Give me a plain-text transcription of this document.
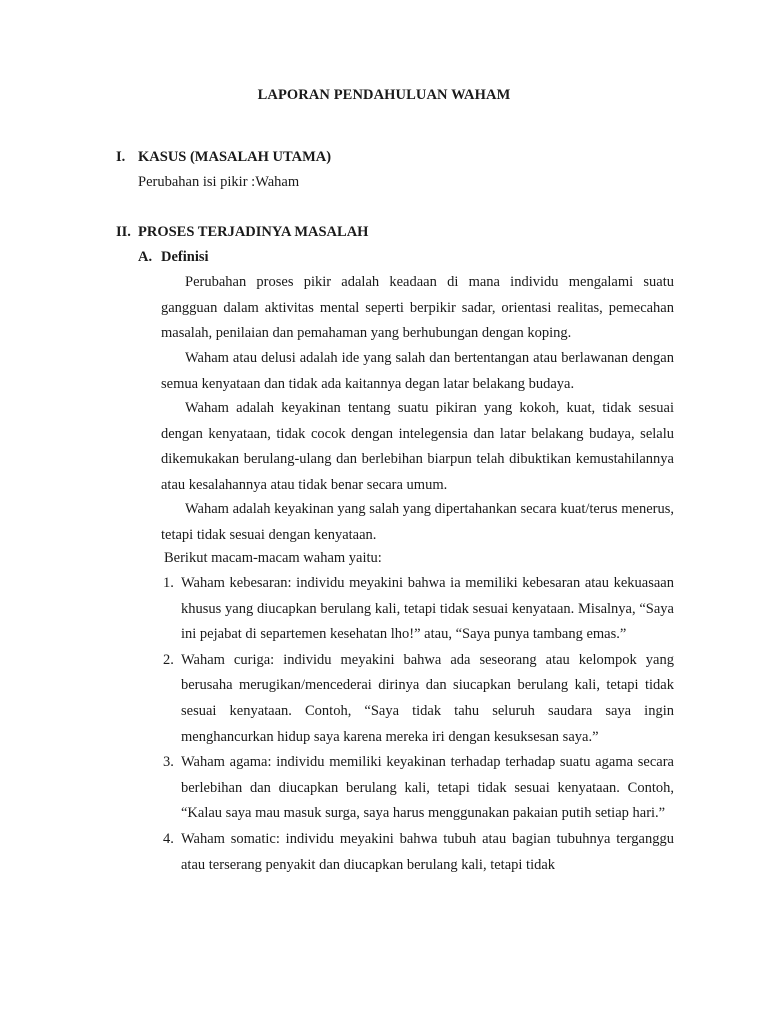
LAPORAN PENDAHULUAN WAHAM
I. KASUS (MASALAH UTAMA)
Perubahan isi pikir :Waham
II. PROSES TERJADINYA MASALAH
A. Definisi

Perubahan proses pikir adalah keadaan di mana individu mengalami suatu gangguan dalam aktivitas mental seperti berpikir sadar, orientasi realitas, pemecahan masalah, penilaian dan pemahaman yang berhubungan dengan koping.

Waham atau delusi adalah ide yang salah dan bertentangan atau berlawanan dengan semua kenyataan dan tidak ada kaitannya degan latar belakang budaya.

Waham adalah keyakinan tentang suatu pikiran yang kokoh, kuat, tidak sesuai dengan kenyataan, tidak cocok dengan intelegensia dan latar belakang budaya, selalu dikemukakan berulang-ulang dan berlebihan biarpun telah dibuktikan kemustahilannya atau kesalahannya atau tidak benar secara umum.

Waham adalah keyakinan yang salah yang dipertahankan secara kuat/terus menerus, tetapi tidak sesuai dengan kenyataan.

Berikut macam-macam waham yaitu:
1. Waham kebesaran: individu meyakini bahwa ia memiliki kebesaran atau kekuasaan khusus yang diucapkan berulang kali, tetapi tidak sesuai kenyataan. Misalnya, “Saya ini pejabat di separtemen kesehatan lho!” atau, “Saya punya tambang emas.”
2. Waham curiga: individu meyakini bahwa ada seseorang atau kelompok yang berusaha merugikan/mencederai dirinya dan siucapkan berulang kali, tetapi tidak sesuai kenyataan. Contoh, “Saya tidak tahu seluruh saudara saya ingin menghancurkan hidup saya karena mereka iri dengan kesuksesan saya.”
3. Waham agama: individu memiliki keyakinan terhadap terhadap suatu agama secara berlebihan dan diucapkan berulang kali, tetapi tidak sesuai kenyataan. Contoh, “Kalau saya mau masuk surga, saya harus menggunakan pakaian putih setiap hari.”
4. Waham somatic: individu meyakini bahwa tubuh atau bagian tubuhnya terganggu atau terserang penyakit dan diucapkan berulang kali, tetapi tidak
